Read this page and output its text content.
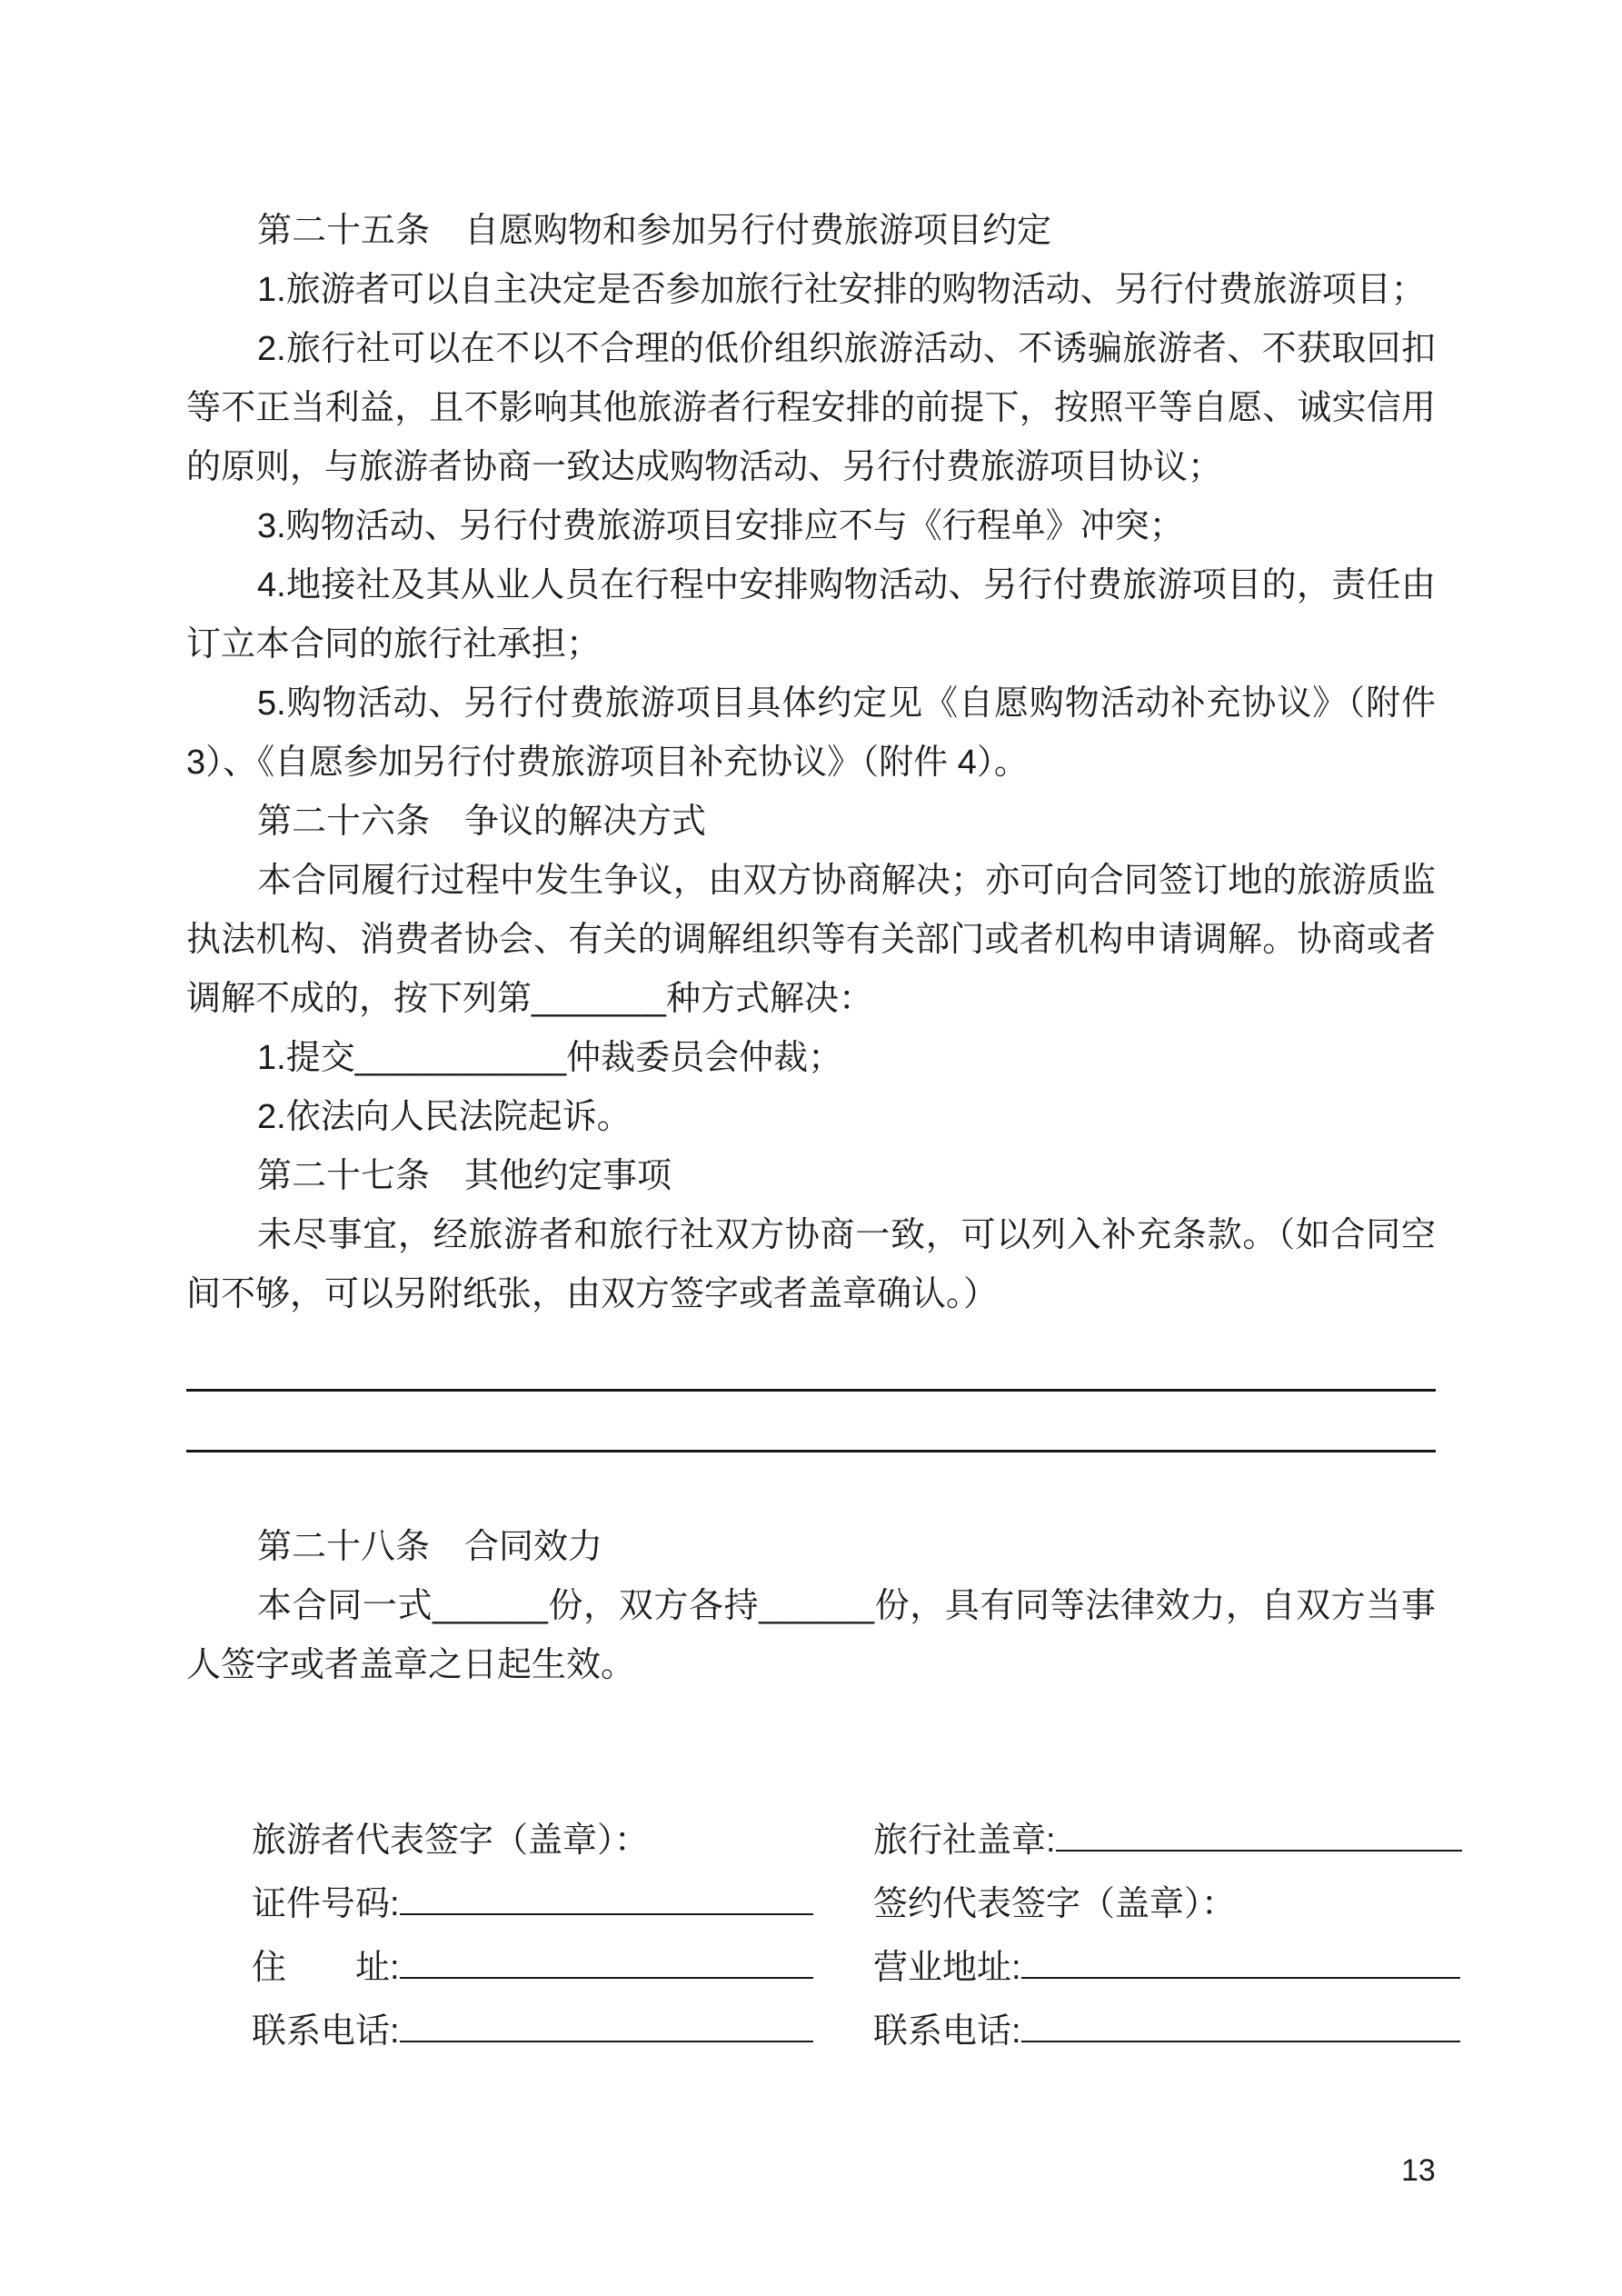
第二十五条　自愿购物和参加另行付费旅游项目约定

1.旅游者可以自主决定是否参加旅行社安排的购物活动、另行付费旅游项目；

2.旅行社可以在不以不合理的低价组织旅游活动、不诱骗旅游者、不获取回扣等不正当利益，且不影响其他旅游者行程安排的前提下，按照平等自愿、诚实信用的原则，与旅游者协商一致达成购物活动、另行付费旅游项目协议；

3.购物活动、另行付费旅游项目安排应不与《行程单》冲突；

4.地接社及其从业人员在行程中安排购物活动、另行付费旅游项目的，责任由订立本合同的旅行社承担；

5.购物活动、另行付费旅游项目具体约定见《自愿购物活动补充协议》（附件 3）、《自愿参加另行付费旅游项目补充协议》（附件 4）。

第二十六条　争议的解决方式

本合同履行过程中发生争议，由双方协商解决；亦可向合同签订地的旅游质监执法机构、消费者协会、有关的调解组织等有关部门或者机构申请调解。协商或者调解不成的，按下列第_______种方式解决：

1.提交___________仲裁委员会仲裁；

2.依法向人民法院起诉。

第二十七条　其他约定事项

未尽事宜，经旅游者和旅行社双方协商一致，可以列入补充条款。（如合同空间不够，可以另附纸张，由双方签字或者盖章确认。）

第二十八条　合同效力

本合同一式______份，双方各持______份，具有同等法律效力，自双方当事人签字或者盖章之日起生效。

旅游者代表签字（盖章）：
证件号码:
住　　址:
联系电话:
旅行社盖章:
签约代表签字（盖章）：
营业地址:
联系电话:
13
